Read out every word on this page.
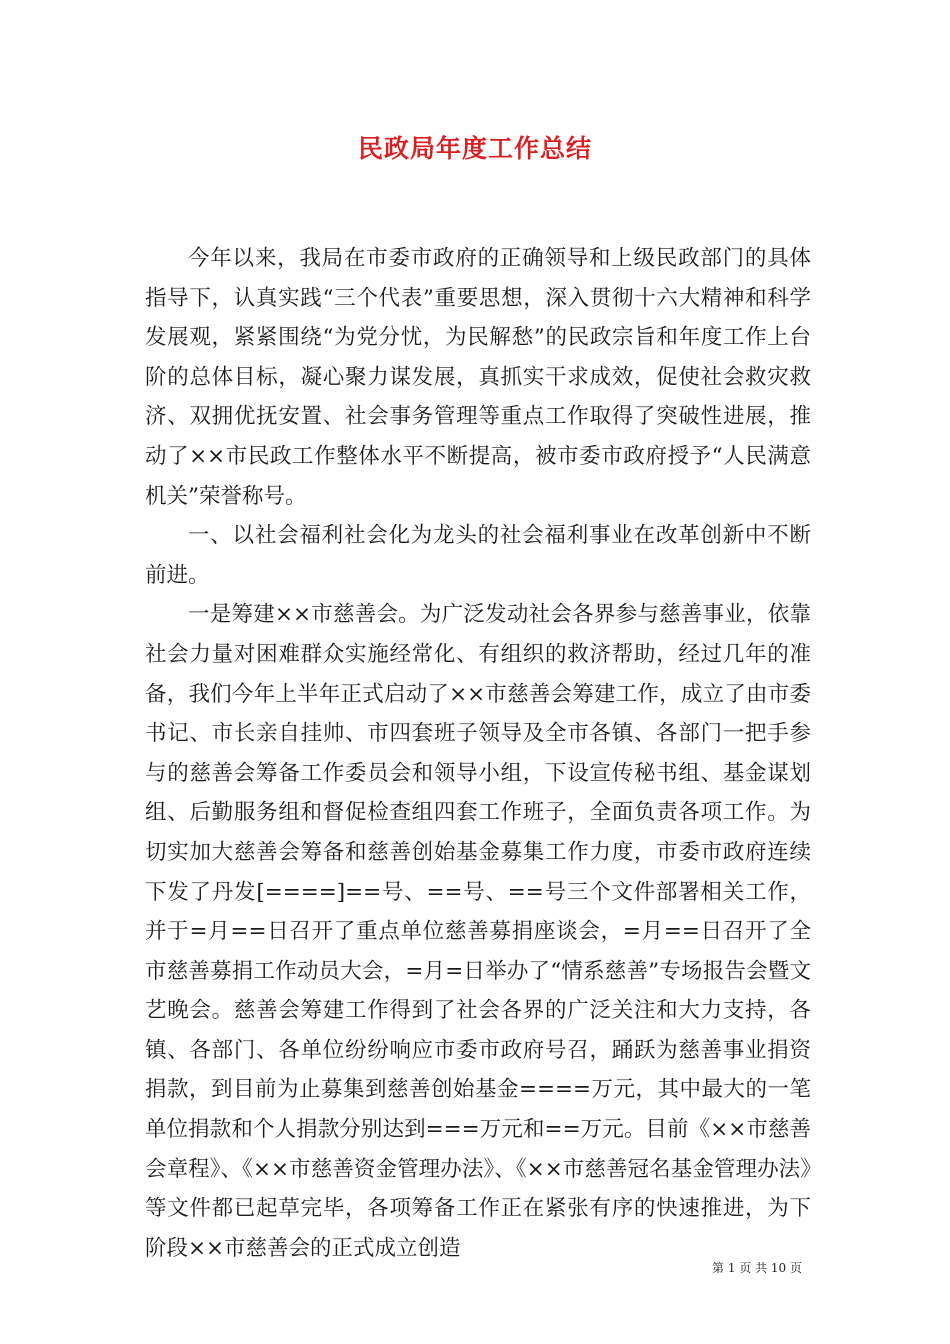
民政局年度工作总结

今年以来，我局在市委市政府的正确领导和上级民政部门的具体指导下，认真实践“三个代表”重要思想，深入贯彻十六大精神和科学发展观，紧紧围绕“为党分忧，为民解愁”的民政宗旨和年度工作上台阶的总体目标，凝心聚力谋发展，真抓实干求成效，促使社会救灾救济、双拥优抚安置、社会事务管理等重点工作取得了突破性进展，推动了××市民政工作整体水平不断提高，被市委市政府授予“人民满意机关”荣誉称号。

一、以社会福利社会化为龙头的社会福利事业在改革创新中不断前进。

一是筹建××市慈善会。为广泛发动社会各界参与慈善事业，依靠社会力量对困难群众实施经常化、有组织的救济帮助，经过几年的准备，我们今年上半年正式启动了××市慈善会筹建工作，成立了由市委书记、市长亲自挂帅、市四套班子领导及全市各镇、各部门一把手参与的慈善会筹备工作委员会和领导小组，下设宣传秘书组、基金谋划组、后勤服务组和督促检查组四套工作班子，全面负责各项工作。为切实加大慈善会筹备和慈善创始基金募集工作力度，市委市政府连续下发了丹发[====]==号、==号、==号三个文件部署相关工作，并于=月==日召开了重点单位慈善募捐座谈会，=月==日召开了全市慈善募捐工作动员大会，=月=日举办了“情系慈善”专场报告会暨文艺晚会。慈善会筹建工作得到了社会各界的广泛关注和大力支持，各镇、各部门、各单位纷纷响应市委市政府号召，踊跃为慈善事业捐资捐款，到目前为止募集到慈善创始基金====万元，其中最大的一笔单位捐款和个人捐款分别达到===万元和==万元。目前《××市慈善会章程》、《××市慈善资金管理办法》、《××市慈善冠名基金管理办法》等文件都已起草完毕，各项筹备工作正在紧张有序的快速推进，为下阶段××市慈善会的正式成立创造

第 1 页 共 10 页
